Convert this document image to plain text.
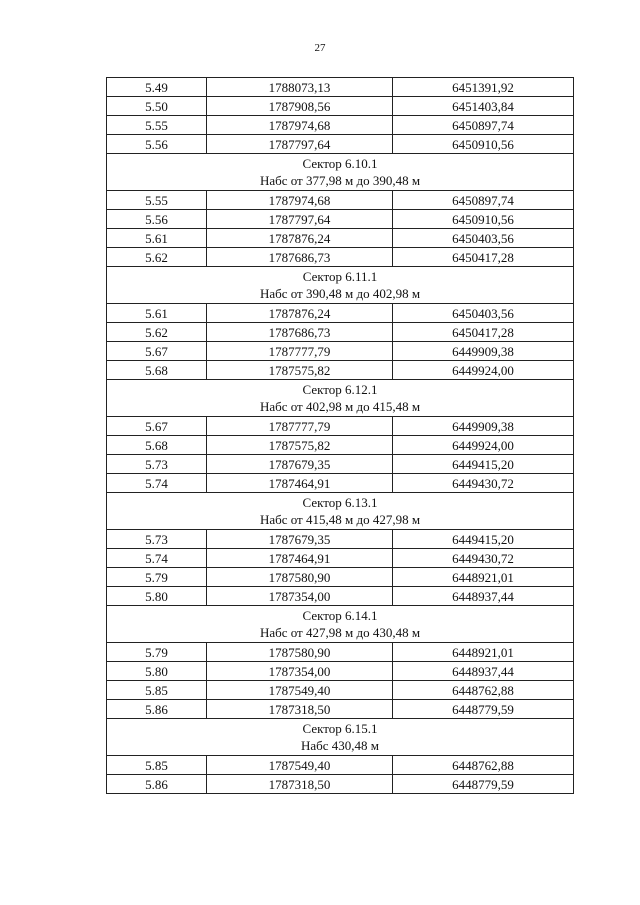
27
5.49	1788073,13	6451391,92
5.50	1787908,56	6451403,84
5.55	1787974,68	6450897,74
5.56	1787797,64	6450910,56

Сектор 6.10.1
Набс от 377,98 м до 390,48 м		

5.55	1787974,68	6450897,74
5.56	1787797,64	6450910,56
5.61	1787876,24	6450403,56
5.62	1787686,73	6450417,28

Сектор 6.11.1
Набс от 390,48 м до 402,98 м		

5.61	1787876,24	6450403,56
5.62	1787686,73	6450417,28
5.67	1787777,79	6449909,38
5.68	1787575,82	6449924,00

Сектор 6.12.1
Набс от 402,98 м до 415,48 м		

5.67	1787777,79	6449909,38
5.68	1787575,82	6449924,00
5.73	1787679,35	6449415,20
5.74	1787464,91	6449430,72

Сектор 6.13.1
Набс от 415,48 м до 427,98 м		

5.73	1787679,35	6449415,20
5.74	1787464,91	6449430,72
5.79	1787580,90	6448921,01
5.80	1787354,00	6448937,44

Сектор 6.14.1
Набс от 427,98 м до 430,48 м		

5.79	1787580,90	6448921,01
5.80	1787354,00	6448937,44
5.85	1787549,40	6448762,88
5.86	1787318,50	6448779,59

Сектор 6.15.1
Набс 430,48 м		

5.85	1787549,40	6448762,88
5.86	1787318,50	6448779,59
